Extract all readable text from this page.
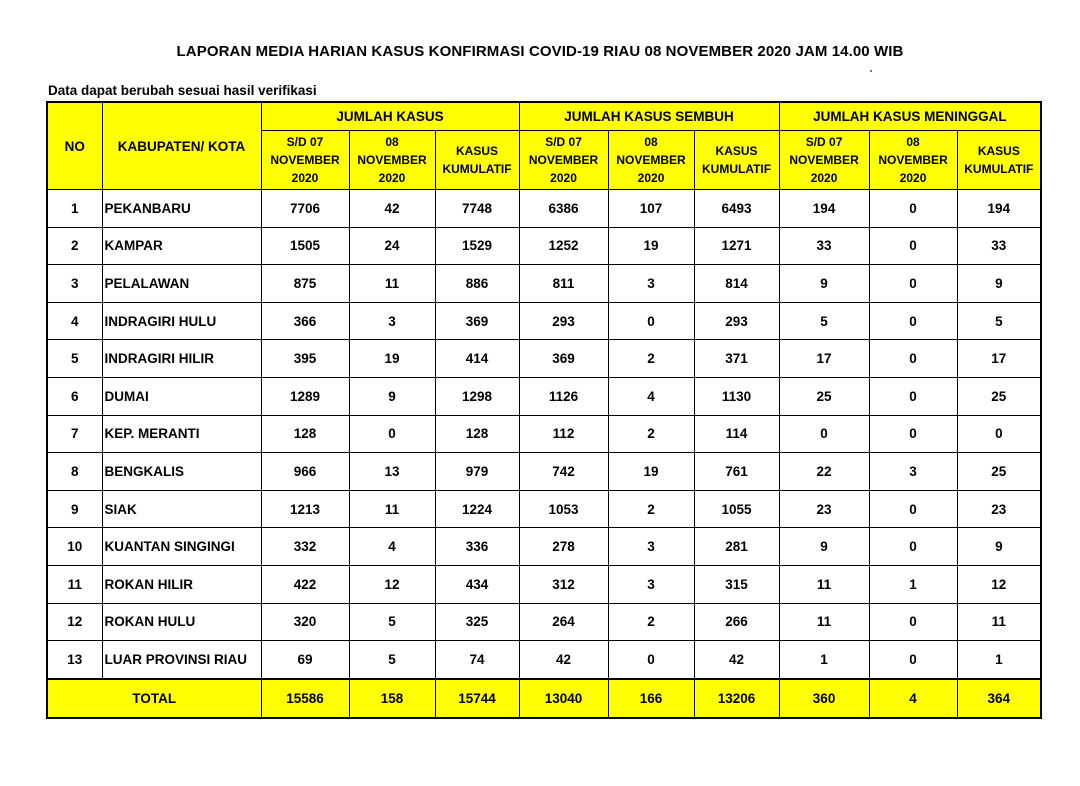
LAPORAN MEDIA HARIAN KASUS KONFIRMASI COVID-19 RIAU 08 NOVEMBER 2020 JAM 14.00 WIB
Data dapat berubah sesuai hasil verifikasi
NO	KABUPATEN/ KOTA	JUMLAH KASUS			JUMLAH KASUS SEMBUH			JUMLAH KASUS MENINGGAL		
		S/D 07
NOVEMBER
2020	08
NOVEMBER
2020	KASUS
KUMULATIF	S/D 07
NOVEMBER
2020	08
NOVEMBER
2020	KASUS
KUMULATIF	S/D 07
NOVEMBER
2020	08
NOVEMBER
2020	KASUS
KUMULATIF
1	PEKANBARU	7706	42	7748	6386	107	6493	194	0	194
2	KAMPAR	1505	24	1529	1252	19	1271	33	0	33
3	PELALAWAN	875	11	886	811	3	814	9	0	9
4	INDRAGIRI HULU	366	3	369	293	0	293	5	0	5
5	INDRAGIRI HILIR	395	19	414	369	2	371	17	0	17
6	DUMAI	1289	9	1298	1126	4	1130	25	0	25
7	KEP. MERANTI	128	0	128	112	2	114	0	0	0
8	BENGKALIS	966	13	979	742	19	761	22	3	25
9	SIAK	1213	11	1224	1053	2	1055	23	0	23
10	KUANTAN SINGINGI	332	4	336	278	3	281	9	0	9
11	ROKAN HILIR	422	12	434	312	3	315	11	1	12
12	ROKAN HULU	320	5	325	264	2	266	11	0	11
13	LUAR PROVINSI RIAU	69	5	74	42	0	42	1	0	1
TOTAL		15586	158	15744	13040	166	13206	360	4	364
